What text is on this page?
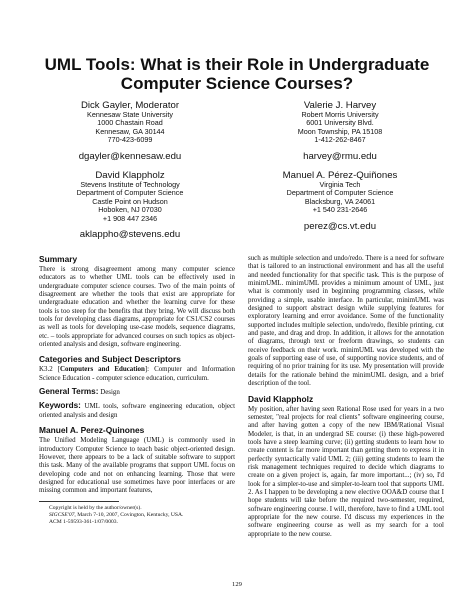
UML Tools: What is their Role in Undergraduate
Computer Science Courses?
Dick Gayler, Moderator
Kennesaw State University
1000 Chastain Road
Kennesaw, GA 30144
770-423-6099
dgayler@kennesaw.edu
Valerie J. Harvey
Robert Morris University
6001 University Blvd.
Moon Township, PA 15108
1-412-262-8467
harvey@rmu.edu
David Klappholz
Stevens Institute of Technology
Department of Computer Science
Castle Point on Hudson
Hoboken, NJ 07030
+1 908 447 2346
aklappho@stevens.edu
Manuel A. Pérez-Quiñones
Virginia Tech
Department of Computer Science
Blacksburg, VA 24061
+1 540 231-2646
perez@cs.vt.edu
Summary

There is strong disagreement among many computer science educators as to whether UML tools can be effectively used in undergraduate computer science courses. Two of the main points of disagreement are whether the tools that exist are appropriate for undergraduate education and whether the learning curve for these tools is too steep for the benefits that they bring. We will discuss both tools for developing class diagrams, appropriate for CS1/CS2 courses as well as tools for developing use-case models, sequence diagrams, etc. – tools appropriate for advanced courses on such topics as object-oriented analysis and design, software engineering.

Categories and Subject Descriptors

K3.2 [Computers and Education]: Computer and Information Science Education - computer science education, curriculum.

General Terms: Design

Keywords: UML tools, software engineering education, object oriented analysis and design

Manuel A. Perez-Quinones

The Unified Modeling Language (UML) is commonly used in introductory Computer Science to teach basic object-oriented design. However, there appears to be a lack of suitable software to support this task. Many of the available programs that support UML focus on developing code and not on enhancing learning. Those that were designed for educational use sometimes have poor interfaces or are missing common and important features,

Copyright is held by the author/owner(s).
SIGCSE'07, March 7-10, 2007, Covington, Kentucky, USA.
ACM 1-59593-361-1/07/0003.

such as multiple selection and undo/redo. There is a need for software that is tailored to an instructional environment and has all the useful and needed functionality for that specific task. This is the purpose of minimUML. minimUML provides a minimum amount of UML, just what is commonly used in beginning programming classes, while providing a simple, usable interface. In particular, minimUML was designed to support abstract design while supplying features for exploratory learning and error avoidance. Some of the functionality supported includes multiple selection, undo/redo, flexible printing, cut and paste, and drag and drop. In addition, it allows for the annotation of diagrams, through text or freeform drawings, so students can receive feedback on their work. minimUML was developed with the goals of supporting ease of use, of supporting novice students, and of requiring of no prior training for its use. My presentation will provide details for the rationale behind the minimUML design, and a brief description of the tool.

David Klappholz

My position, after having seen Rational Rose used for years in a two semester, "real projects for real clients" software engineering course, and after having gotten a copy of the new IBM/Rational Visual Modeler, is that, in an undergrad SE course: (i) these high-powered tools have a steep learning curve; (ii) getting students to learn how to create content is far more important than getting them to express it in perfectly syntactically valid UML 2; (iii) getting students to learn the risk management techniques required to decide which diagrams to create on a given project is, again, far more important...; (iv) so, I'd look for a simpler-to-use and simpler-to-learn tool that supports UML 2. As I happen to be developing a new elective OOA&D course that I hope students will take before the required two-semester, required, software engineering course. I will, therefore, have to find a UML tool appropriate for the new course. I'd discuss my experiences in the software engineering course as well as my search for a tool appropriate to the new course.

129
